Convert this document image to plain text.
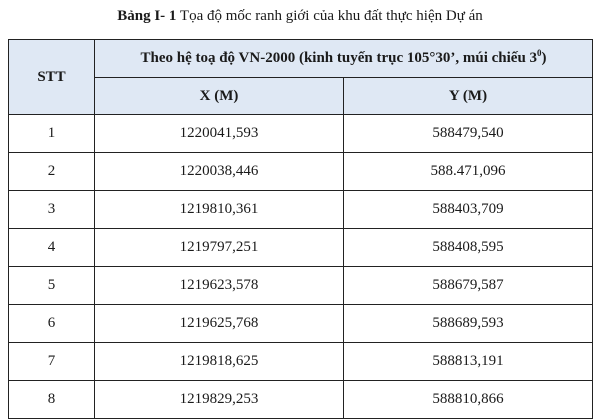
Bảng I- 1 Tọa độ mốc ranh giới của khu đất thực hiện Dự án
STT	Theo hệ toạ độ VN-2000 (kinh tuyến trục 105°30’, múi chiếu $3^0$)	
	X (M)	Y (M)
1	1220041,593	588479,540
2	1220038,446	588.471,096
3	1219810,361	588403,709
4	1219797,251	588408,595
5	1219623,578	588679,587
6	1219625,768	588689,593
7	1219818,625	588813,191
8	1219829,253	588810,866
